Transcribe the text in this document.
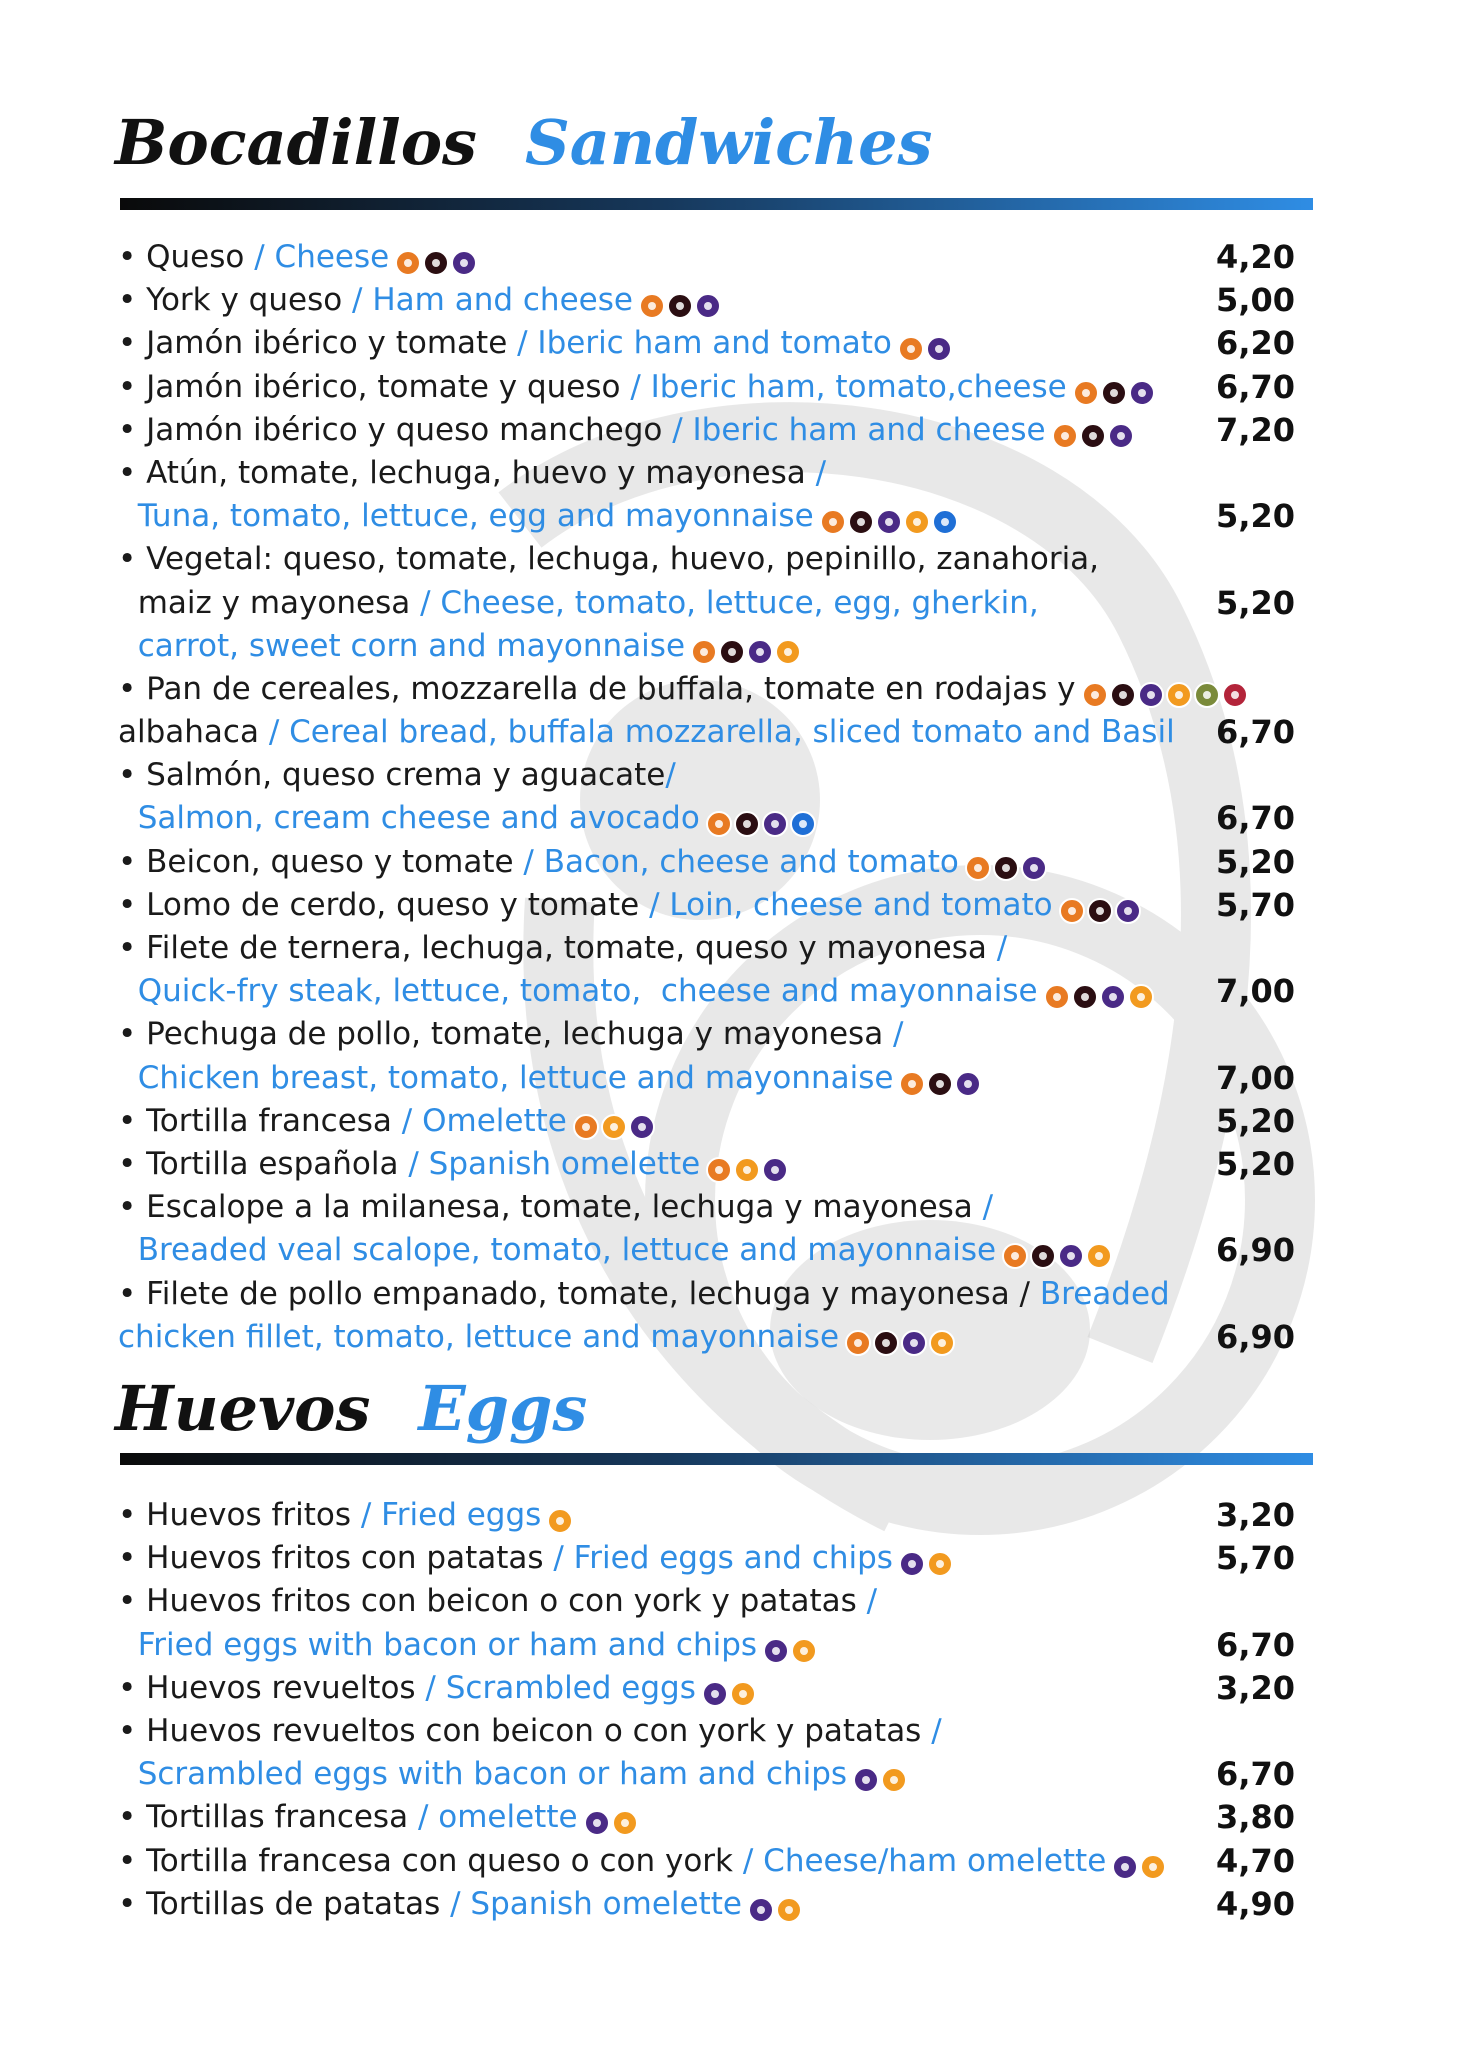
Bocadillos Sandwiches
• Queso / Cheese	4,20
• York y queso / Ham and cheese	5,00
• Jamón ibérico y tomate / Iberic ham and tomato	6,20
• Jamón ibérico, tomate y queso / Iberic ham, tomato,cheese	6,70
• Jamón ibérico y queso manchego / Iberic ham and cheese	7,20
• Atún, tomate, lechuga, huevo y mayonesa /
Tuna, tomato, lettuce, egg and mayonnaise	5,20
• Vegetal: queso, tomate, lechuga, huevo, pepinillo, zanahoria,
maiz y mayonesa / Cheese, tomato, lettuce, egg, gherkin,	5,20
carrot, sweet corn and mayonnaise
• Pan de cereales, mozzarella de buffala, tomate en rodajas y
albahaca / Cereal bread, buffala mozzarella, sliced tomato and Basil 6,70
• Salmón, queso crema y aguacate/
Salmon, cream cheese and avocado	6,70
• Beicon, queso y tomate / Bacon, cheese and tomato	5,20
• Lomo de cerdo, queso y tomate / Loin, cheese and tomato	5,70
• Filete de ternera, lechuga, tomate, queso y mayonesa /
Quick-fry steak, lettuce, tomato,  cheese and mayonnaise	7,00
• Pechuga de pollo, tomate, lechuga y mayonesa /
Chicken breast, tomato, lettuce and mayonnaise	7,00
• Tortilla francesa / Omelette	5,20
• Tortilla española / Spanish omelette	5,20
• Escalope a la milanesa, tomate, lechuga y mayonesa /
Breaded veal scalope, tomato, lettuce and mayonnaise	6,90
• Filete de pollo empanado, tomate, lechuga y mayonesa / Breaded
chicken fillet, tomato, lettuce and mayonnaise	6,90
Huevos Eggs
• Huevos fritos / Fried eggs	3,20
• Huevos fritos con patatas / Fried eggs and chips	5,70
• Huevos fritos con beicon o con york y patatas /
Fried eggs with bacon or ham and chips	6,70
• Huevos revueltos / Scrambled eggs	3,20
• Huevos revueltos con beicon o con york y patatas /
Scrambled eggs with bacon or ham and chips	6,70
• Tortillas francesa / omelette	3,80
• Tortilla francesa con queso o con york / Cheese/ham omelette	4,70
• Tortillas de patatas / Spanish omelette	4,90
